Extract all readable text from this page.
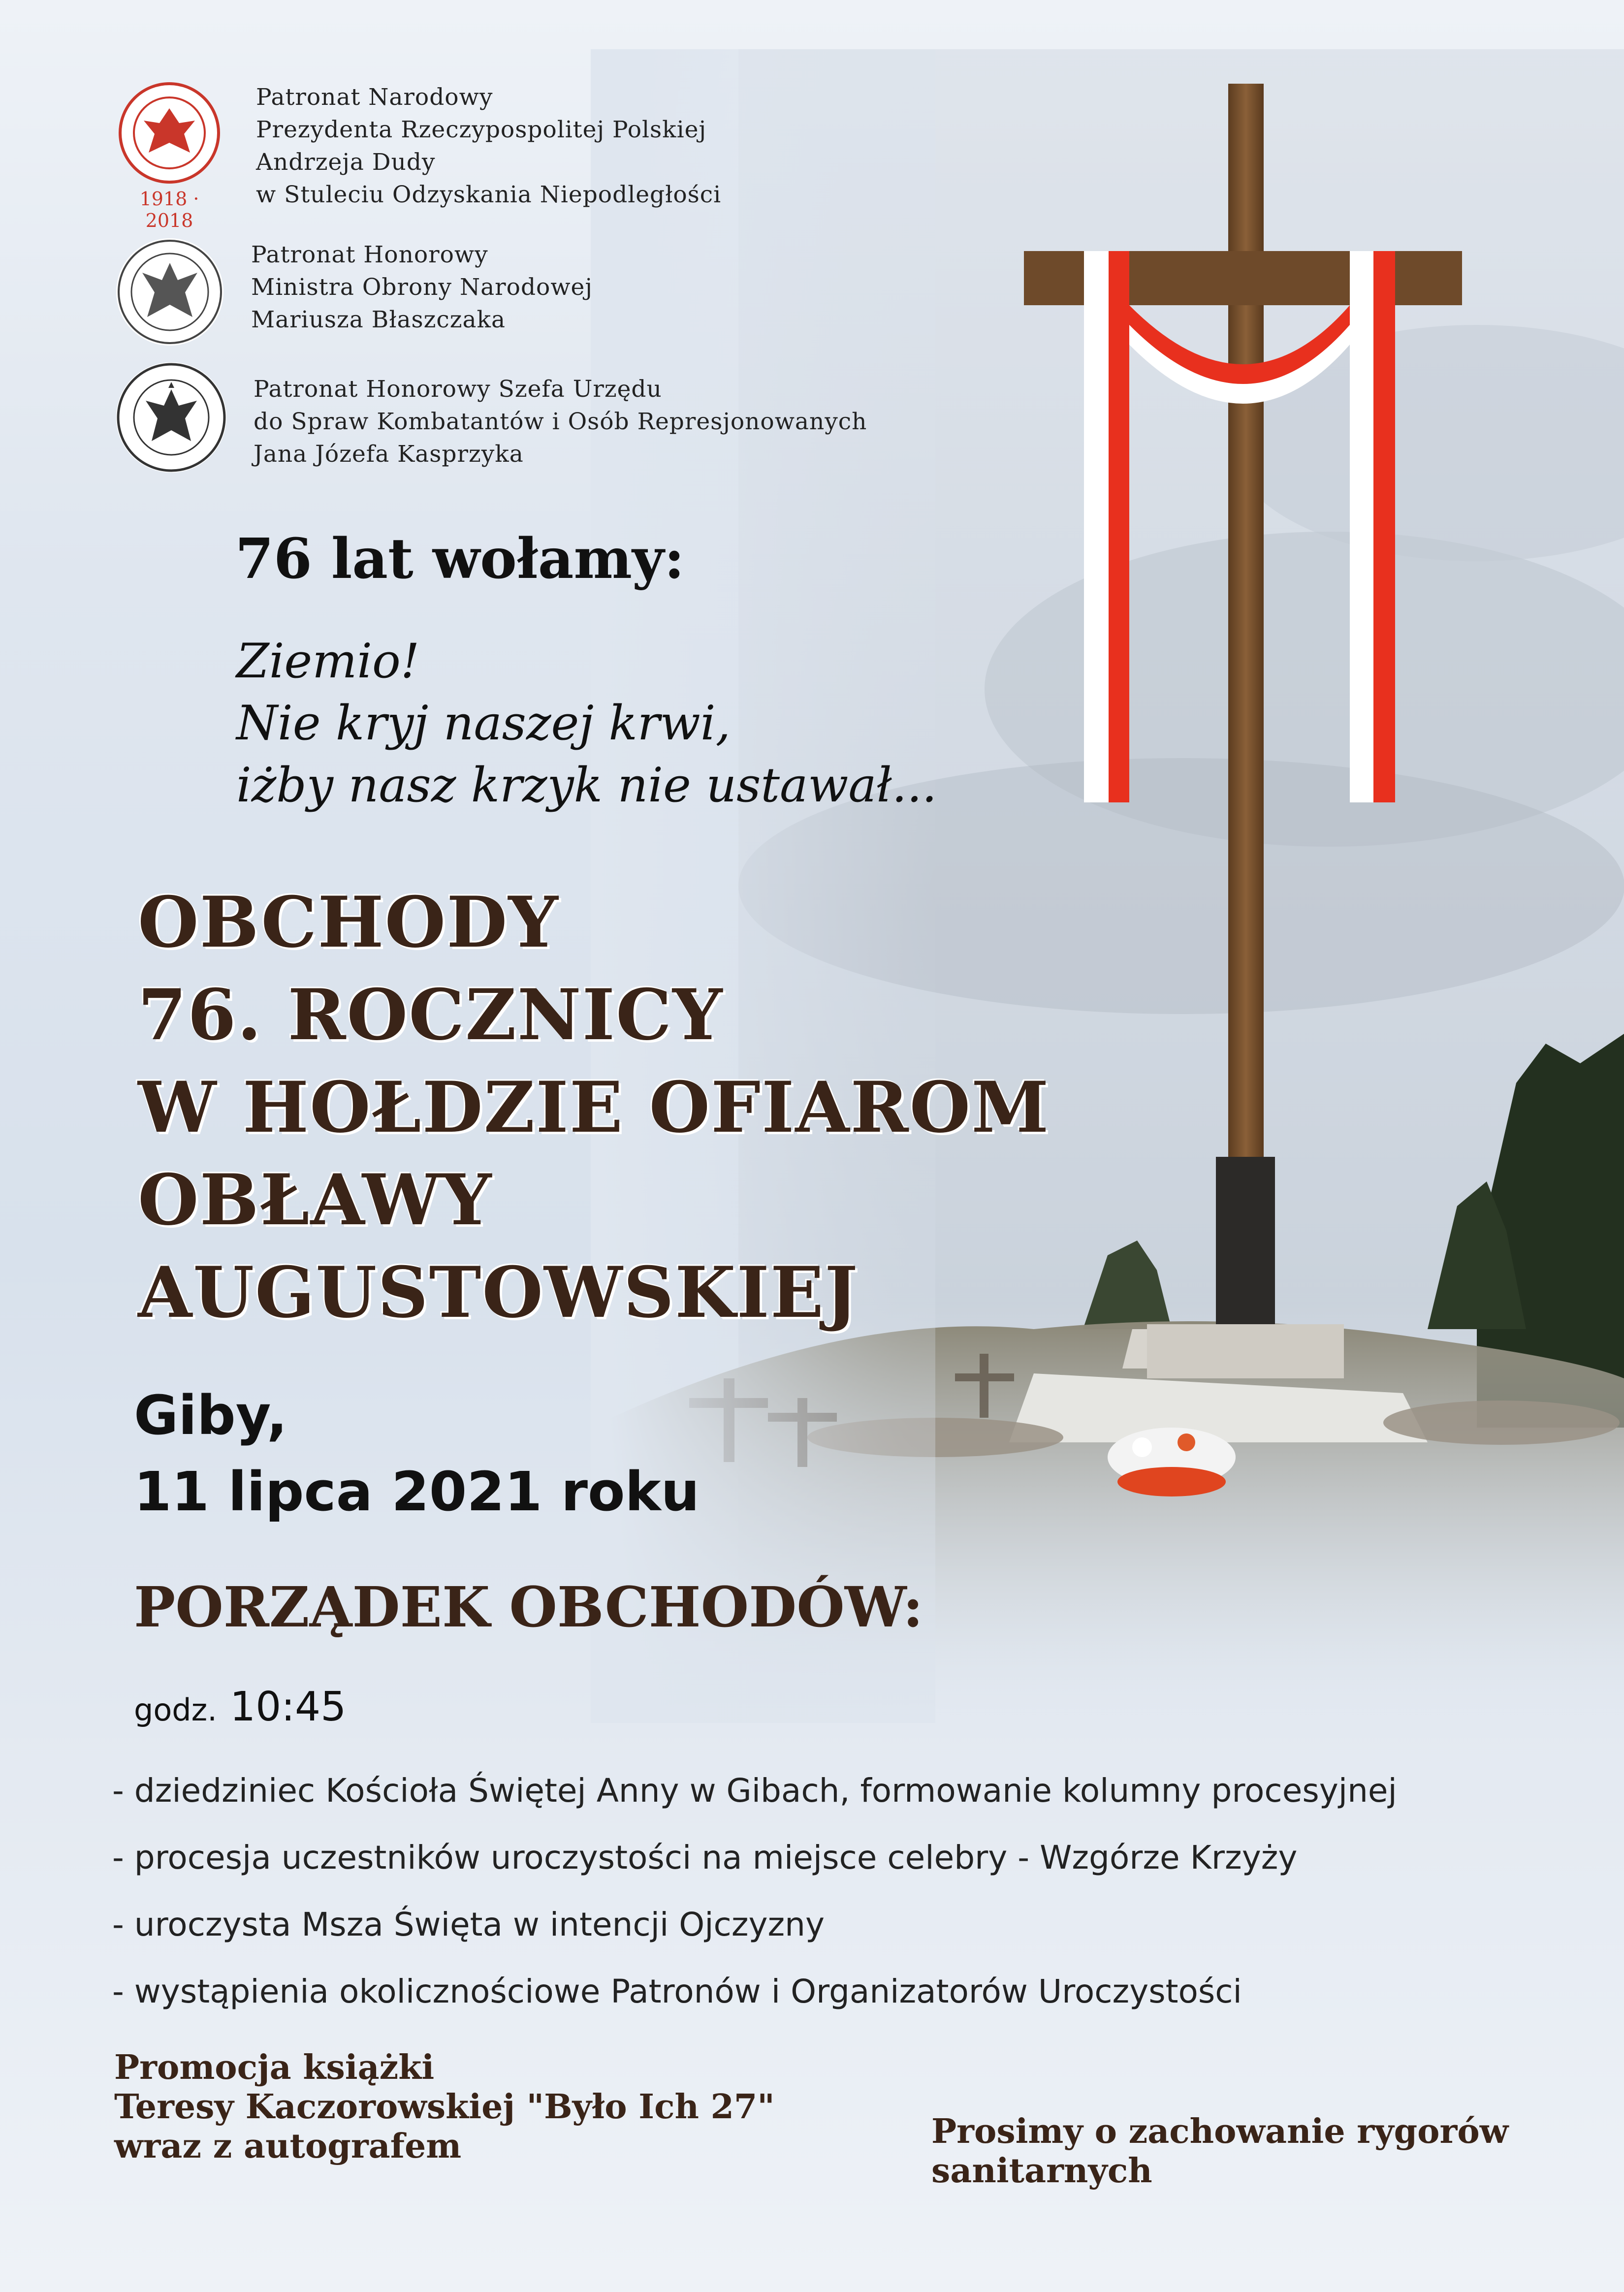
1918 · 2018
Patronat Narodowy
Prezydenta Rzeczypospolitej Polskiej
Andrzeja Dudy
w Stuleciu Odzyskania Niepodległości
Patronat Honorowy
Ministra Obrony Narodowej
Mariusza Błaszczaka
Patronat Honorowy Szefa Urzędu
do Spraw Kombatantów i Osób Represjonowanych
Jana Józefa Kasprzyka
76 lat wołamy:
Ziemio!
Nie kryj naszej krwi,
iżby nasz krzyk nie ustawał...
OBCHODY
76. ROCZNICY
W HOŁDZIE OFIAROM
OBŁAWY
AUGUSTOWSKIEJ
Giby,
11 lipca 2021 roku
PORZĄDEK OBCHODÓW:
godz. 10:45
- dziedziniec Kościoła Świętej Anny w Gibach, formowanie kolumny procesyjnej
- procesja uczestników uroczystości na miejsce celebry - Wzgórze Krzyży
- uroczysta Msza Święta w intencji Ojczyzny
- wystąpienia okolicznościowe Patronów i Organizatorów Uroczystości
Promocja książki
Teresy Kaczorowskiej "Było Ich 27"
wraz z autografem	Prosimy o zachowanie rygorów
sanitarnych
